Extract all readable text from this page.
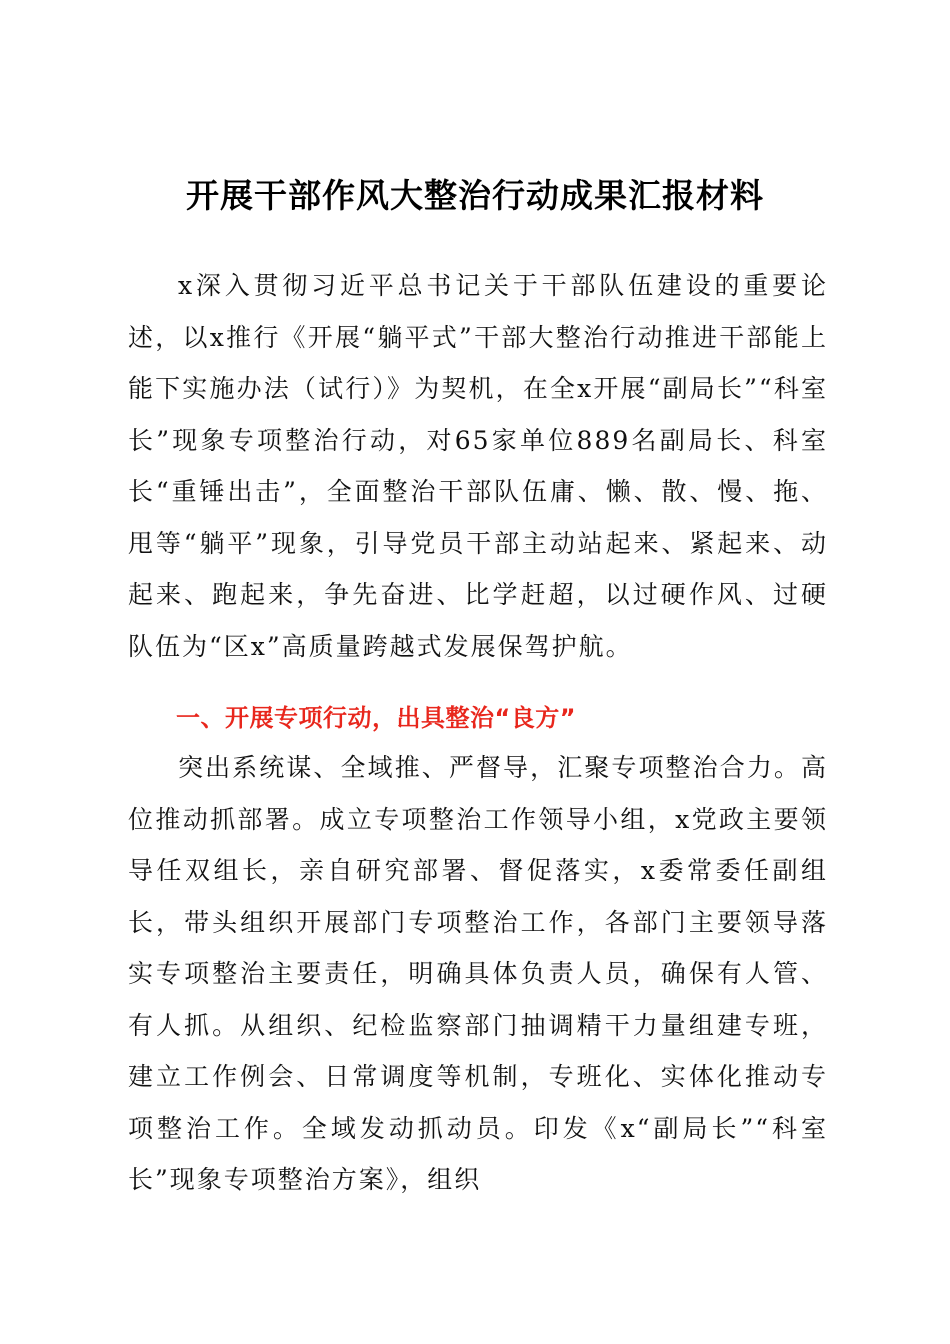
开展干部作风大整治行动成果汇报材料

x深入贯彻习近平总书记关于干部队伍建设的重要论述，以x推行《开展“躺平式”干部大整治行动推进干部能上能下实施办法（试行）》为契机，在全x开展“副局长”“科室长”现象专项整治行动，对65家单位889名副局长、科室长“重锤出击”，全面整治干部队伍庸、懒、散、慢、拖、甩等“躺平”现象，引导党员干部主动站起来、紧起来、动起来、跑起来，争先奋进、比学赶超，以过硬作风、过硬队伍为“区x”高质量跨越式发展保驾护航。

一、开展专项行动，出具整治“良方”

突出系统谋、全域推、严督导，汇聚专项整治合力。高位推动抓部署。成立专项整治工作领导小组，x党政主要领导任双组长，亲自研究部署、督促落实，x委常委任副组长，带头组织开展部门专项整治工作，各部门主要领导落实专项整治主要责任，明确具体负责人员，确保有人管、有人抓。从组织、纪检监察部门抽调精干力量组建专班，建立工作例会、日常调度等机制，专班化、实体化推动专项整治工作。全域发动抓动员。印发《x“副局长”“科室长”现象专项整治方案》，组织
